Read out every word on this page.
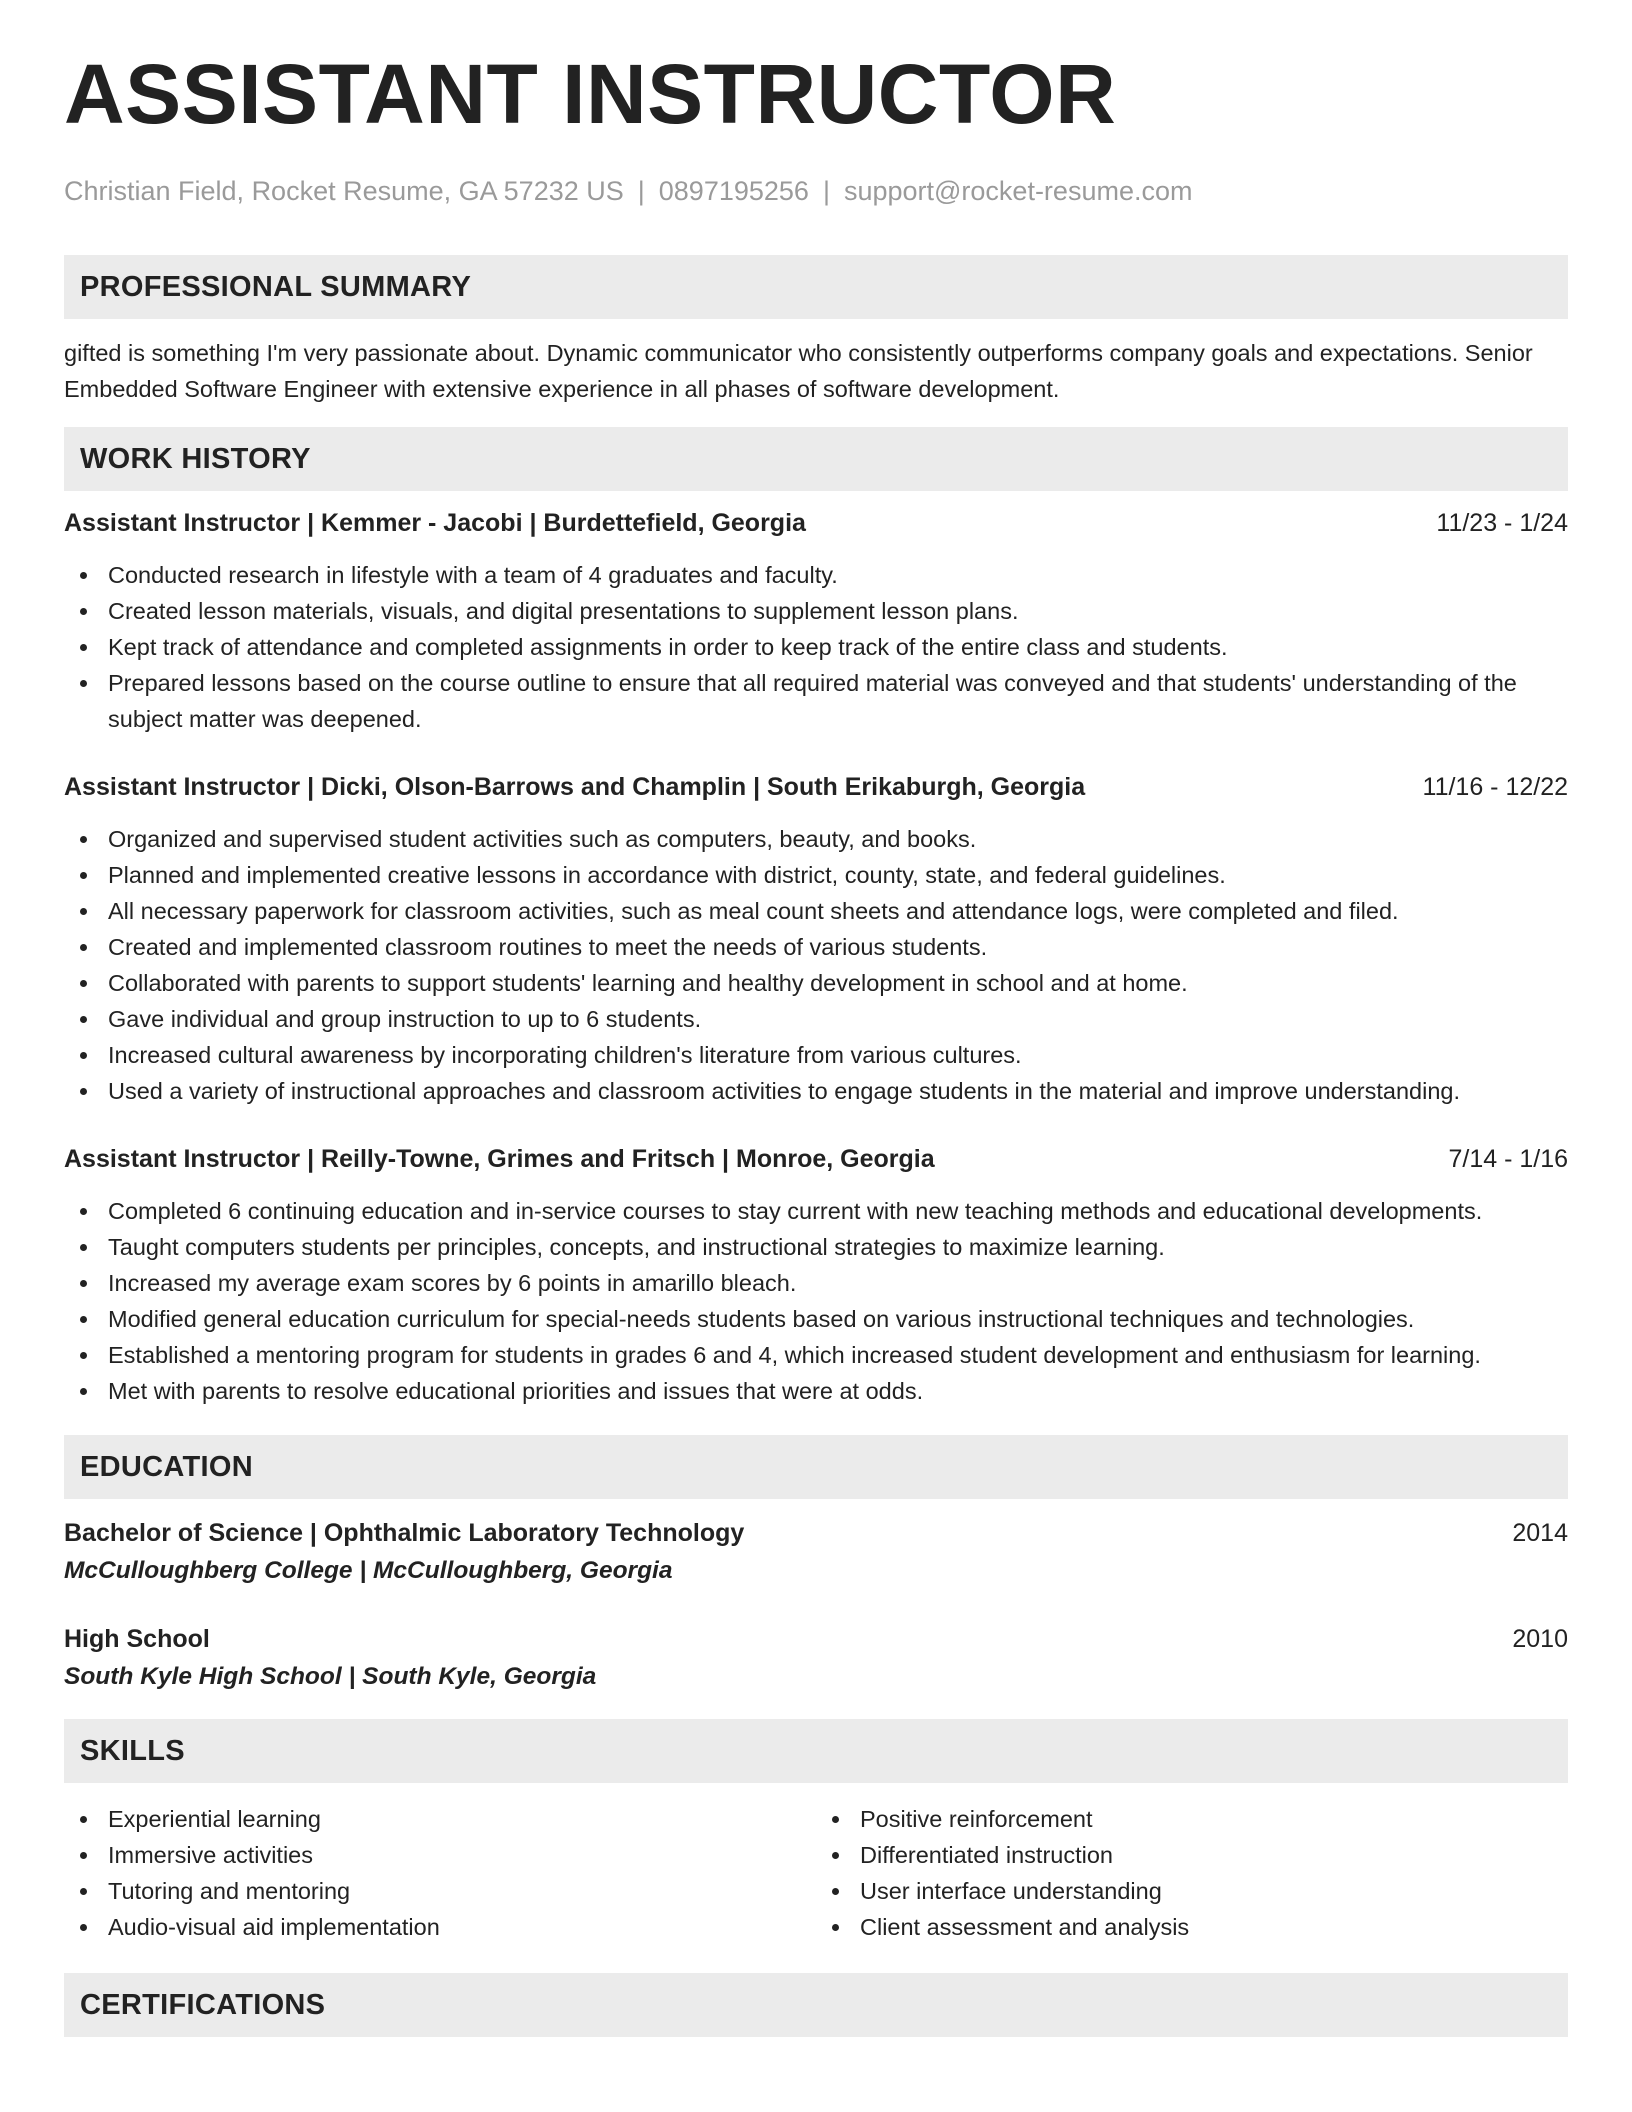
ASSISTANT INSTRUCTOR
Christian Field, Rocket Resume, GA 57232 US | 0897195256 | support@rocket-resume.com
PROFESSIONAL SUMMARY

gifted is something I'm very passionate about. Dynamic communicator who consistently outperforms company goals and expectations. Senior Embedded Software Engineer with extensive experience in all phases of software development.

WORK HISTORY
Assistant Instructor | Kemmer - Jacobi | Burdettefield, Georgia	11/23 - 1/24
Conducted research in lifestyle with a team of 4 graduates and faculty.
Created lesson materials, visuals, and digital presentations to supplement lesson plans.
Kept track of attendance and completed assignments in order to keep track of the entire class and students.
Prepared lessons based on the course outline to ensure that all required material was conveyed and that students' understanding of the subject matter was deepened.
Assistant Instructor | Dicki, Olson-Barrows and Champlin | South Erikaburgh, Georgia	11/16 - 12/22
Organized and supervised student activities such as computers, beauty, and books.
Planned and implemented creative lessons in accordance with district, county, state, and federal guidelines.
All necessary paperwork for classroom activities, such as meal count sheets and attendance logs, were completed and filed.
Created and implemented classroom routines to meet the needs of various students.
Collaborated with parents to support students' learning and healthy development in school and at home.
Gave individual and group instruction to up to 6 students.
Increased cultural awareness by incorporating children's literature from various cultures.
Used a variety of instructional approaches and classroom activities to engage students in the material and improve understanding.
Assistant Instructor | Reilly-Towne, Grimes and Fritsch | Monroe, Georgia	7/14 - 1/16
Completed 6 continuing education and in-service courses to stay current with new teaching methods and educational developments.
Taught computers students per principles, concepts, and instructional strategies to maximize learning.
Increased my average exam scores by 6 points in amarillo bleach.
Modified general education curriculum for special-needs students based on various instructional techniques and technologies.
Established a mentoring program for students in grades 6 and 4, which increased student development and enthusiasm for learning.
Met with parents to resolve educational priorities and issues that were at odds.
EDUCATION
Bachelor of Science | Ophthalmic Laboratory Technology	2014
McCulloughberg College | McCulloughberg, Georgia
High School	2010
South Kyle High School | South Kyle, Georgia
SKILLS
Experiential learning
Immersive activities
Tutoring and mentoring
Audio-visual aid implementation
Positive reinforcement
Differentiated instruction
User interface understanding
Client assessment and analysis
CERTIFICATIONS
